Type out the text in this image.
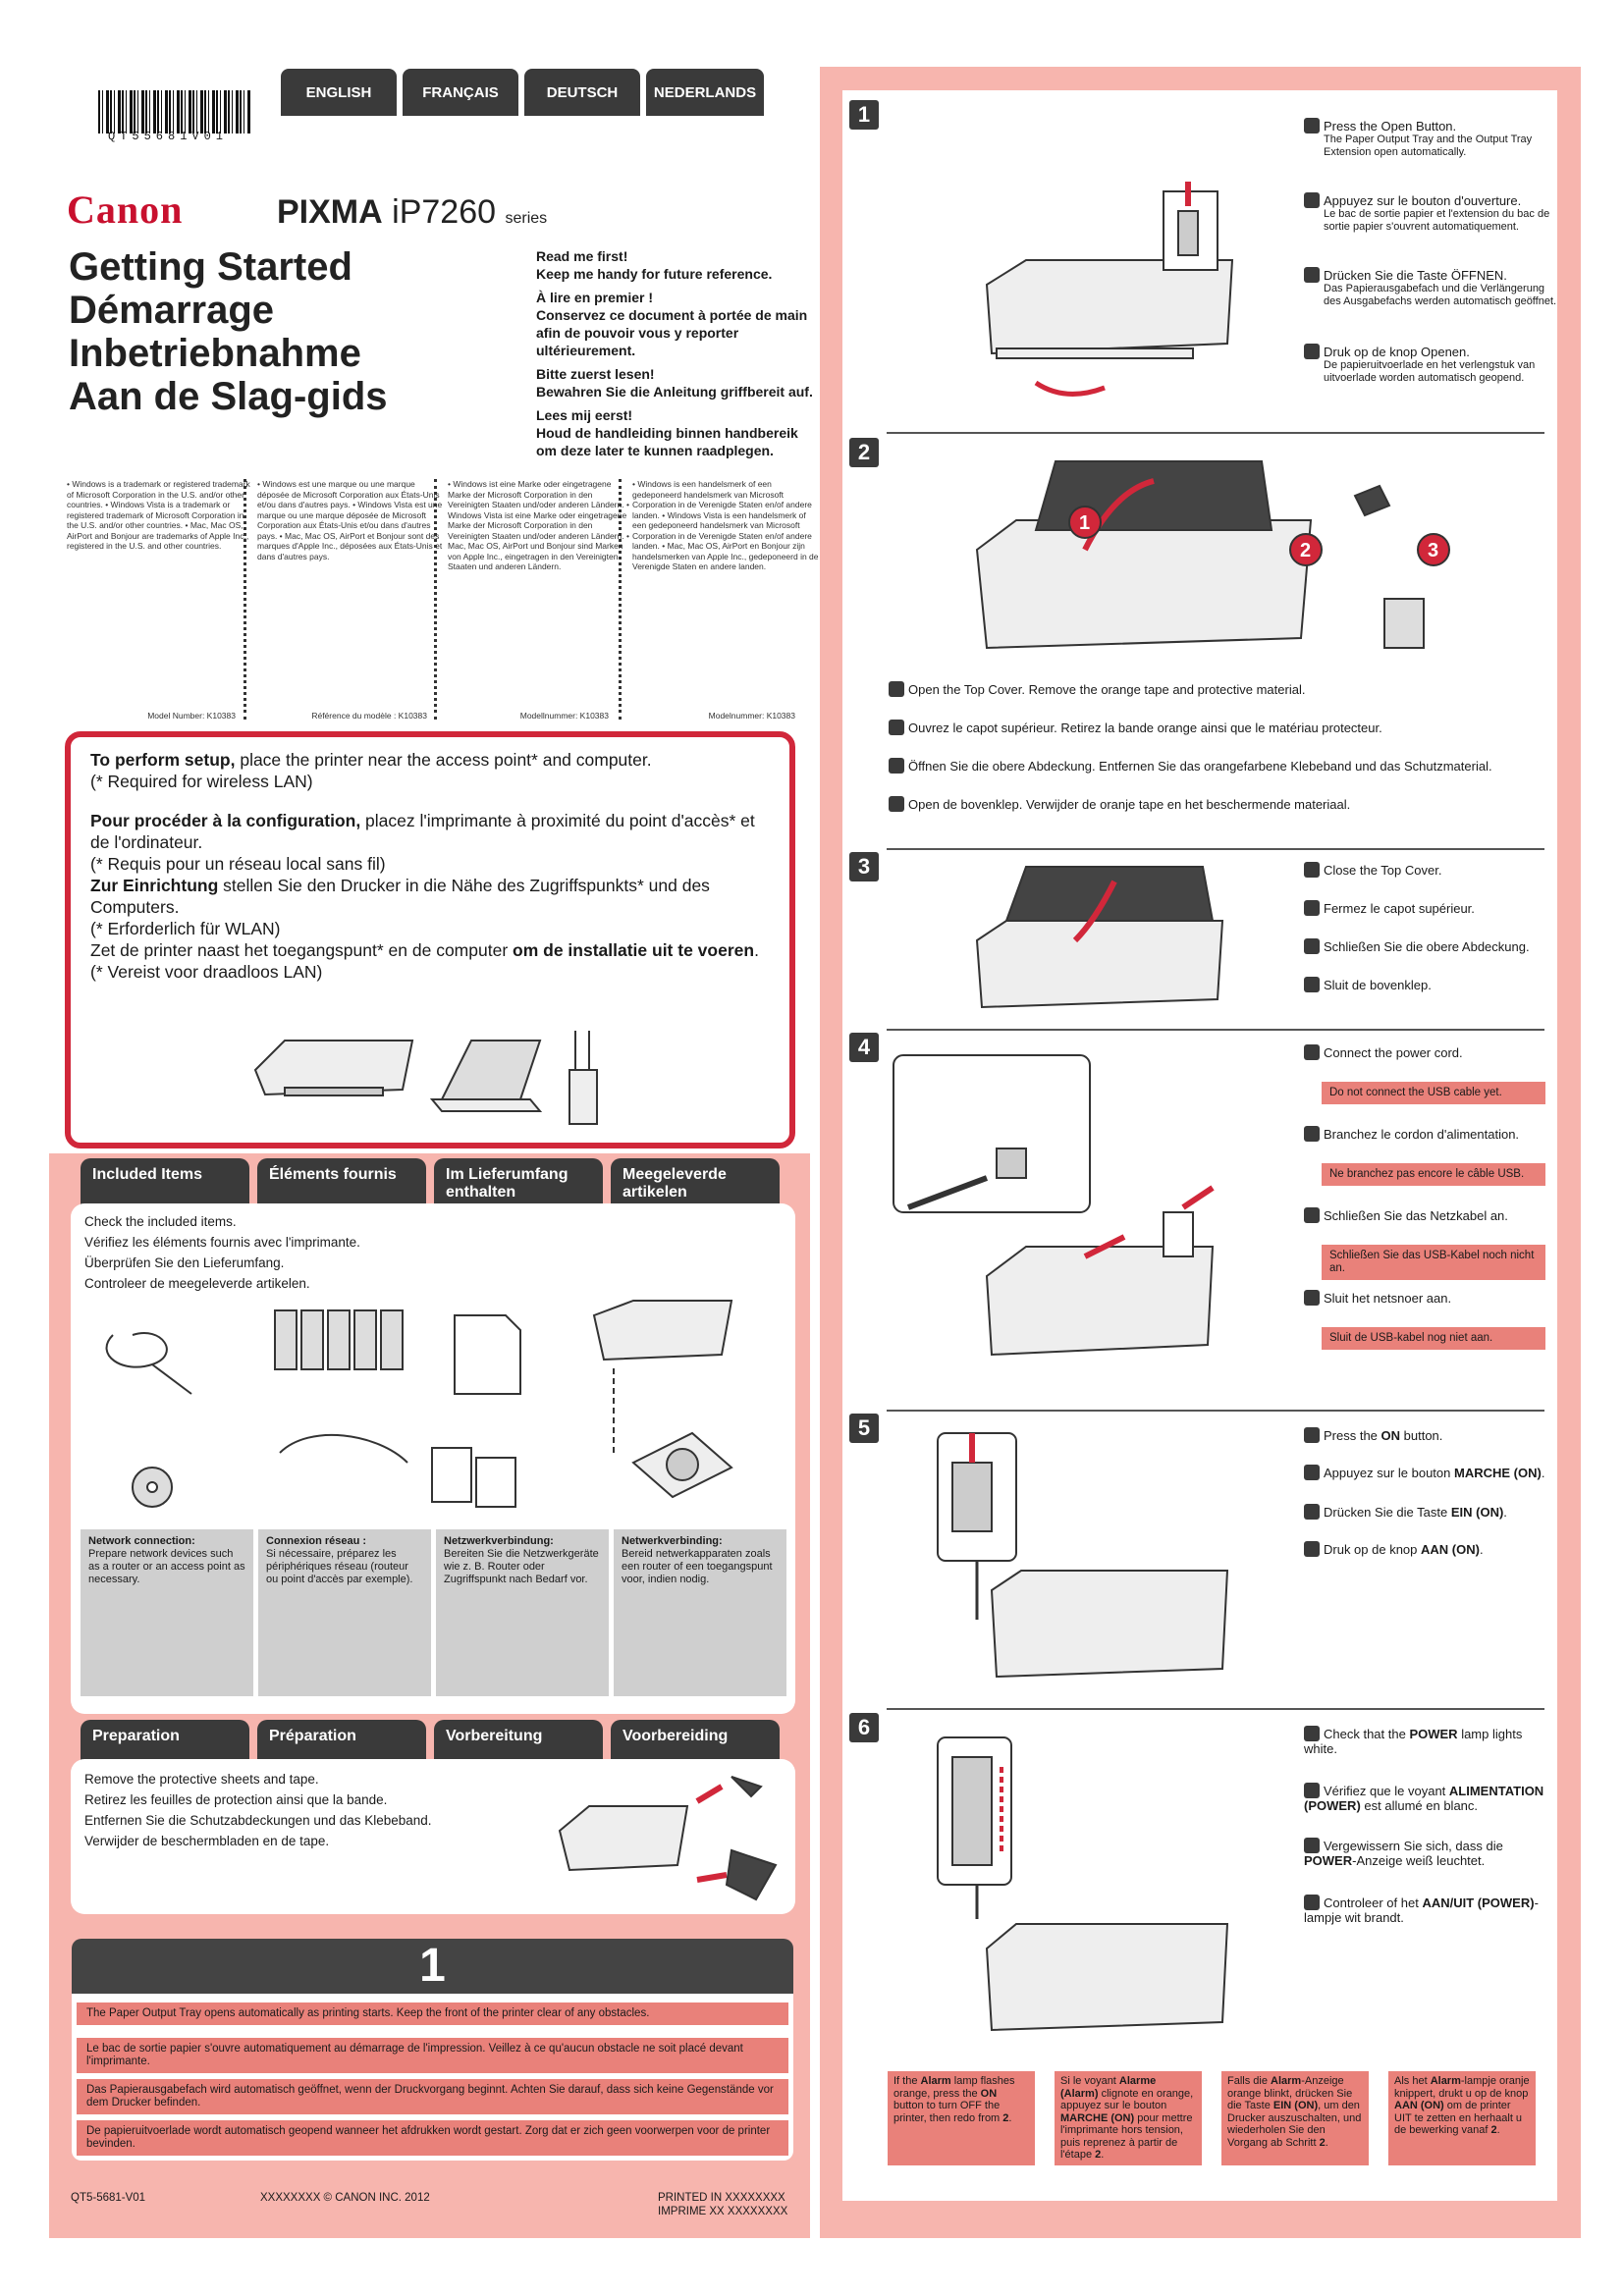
QT55681V01
ENGLISH	FRANÇAIS	DEUTSCH	NEDERLANDS
Canon	PIXMA iP7260 series
Getting Started
Démarrage
Inbetriebnahme
Aan de Slag-gids

Read me first!
Keep me handy for future reference.

À lire en premier !
Conservez ce document à portée de main afin de pouvoir vous y reporter ultérieurement.

Bitte zuerst lesen!
Bewahren Sie die Anleitung griffbereit auf.

Lees mij eerst!
Houd de handleiding binnen handbereik om deze later te kunnen raadplegen.

• Windows is a trademark or registered trademark of Microsoft Corporation in the U.S. and/or other countries. • Windows Vista is a trademark or registered trademark of Microsoft Corporation in the U.S. and/or other countries. • Mac, Mac OS, AirPort and Bonjour are trademarks of Apple Inc., registered in the U.S. and other countries.
• Windows est une marque ou une marque déposée de Microsoft Corporation aux États-Unis et/ou dans d'autres pays. • Windows Vista est une marque ou une marque déposée de Microsoft Corporation aux États-Unis et/ou dans d'autres pays. • Mac, Mac OS, AirPort et Bonjour sont des marques d'Apple Inc., déposées aux États-Unis et dans d'autres pays.
• Windows ist eine Marke oder eingetragene Marke der Microsoft Corporation in den Vereinigten Staaten und/oder anderen Ländern. • Windows Vista ist eine Marke oder eingetragene Marke der Microsoft Corporation in den Vereinigten Staaten und/oder anderen Ländern. • Mac, Mac OS, AirPort und Bonjour sind Marken von Apple Inc., eingetragen in den Vereinigten Staaten und anderen Ländern.
• Windows is een handelsmerk of een gedeponeerd handelsmerk van Microsoft Corporation in de Verenigde Staten en/of andere landen. • Windows Vista is een handelsmerk of een gedeponeerd handelsmerk van Microsoft Corporation in de Verenigde Staten en/of andere landen. • Mac, Mac OS, AirPort en Bonjour zijn handelsmerken van Apple Inc., gedeponeerd in de Verenigde Staten en andere landen.
Model Number: K10383	Référence du modèle : K10383	Modellnummer: K10383	Modelnummer: K10383

To perform setup, place the printer near the access point* and computer.

(* Required for wireless LAN)

Pour procéder à la configuration, placez l'imprimante à proximité du point d'accès* et de l'ordinateur.

(* Requis pour un réseau local sans fil)

Zur Einrichtung stellen Sie den Drucker in die Nähe des Zugriffspunkts* und des Computers.

(* Erforderlich für WLAN)

Zet de printer naast het toegangspunt* en de computer om de installatie uit te voeren.

(* Vereist voor draadloos LAN)

Included Items	Éléments fournis	Im Lieferumfang enthalten
Meegeleverde artikelen
Check the included items.
Vérifiez les éléments fournis avec l'imprimante.
Überprüfen Sie den Lieferumfang.
Controleer de meegeleverde artikelen.
Network connection:
Prepare network devices such as a router or an access point as necessary.
Connexion réseau :
Si nécessaire, préparez les périphériques réseau (routeur ou point d'accès par exemple).
Netzwerkverbindung:
Bereiten Sie die Netzwerkgeräte wie z. B. Router oder Zugriffspunkt nach Bedarf vor.
Netwerkverbinding:
Bereid netwerkapparaten zoals een router of een toegangspunt voor, indien nodig.
Preparation	Préparation	Vorbereitung	Voorbereiding
Remove the protective sheets and tape.
Retirez les feuilles de protection ainsi que la bande.
Entfernen Sie die Schutzabdeckungen und das Klebeband.
Verwijder de beschermbladen en de tape.
1
The Paper Output Tray opens automatically as printing starts. Keep the front of the printer clear of any obstacles.
Le bac de sortie papier s'ouvre automatiquement au démarrage de l'impression. Veillez à ce qu'aucun obstacle ne soit placé devant l'imprimante.
Das Papierausgabefach wird automatisch geöffnet, wenn der Druckvorgang beginnt. Achten Sie darauf, dass sich keine Gegenstände vor dem Drucker befinden.
De papieruitvoerlade wordt automatisch geopend wanneer het afdrukken wordt gestart. Zorg dat er zich geen voorwerpen voor de printer bevinden.
QT5-5681-V01	XXXXXXXX © CANON INC. 2012	PRINTED IN XXXXXXXX
IMPRIME XX XXXXXXXX
1	Press the Open Button.
The Paper Output Tray and the Output Tray Extension open automatically.
Appuyez sur le bouton d'ouverture.
Le bac de sortie papier et l'extension du bac de sortie papier s'ouvrent automatiquement.
Drücken Sie die Taste ÖFFNEN.
Das Papierausgabefach und die Verlängerung des Ausgabefachs werden automatisch geöffnet.
Druk op de knop Openen.
De papieruitvoerlade en het verlengstuk van uitvoerlade worden automatisch geopend.
2
1
2	3
Open the Top Cover. Remove the orange tape and protective material.
Ouvrez le capot supérieur. Retirez la bande orange ainsi que le matériau protecteur.
Öffnen Sie die obere Abdeckung. Entfernen Sie das orangefarbene Klebeband und das Schutzmaterial.
Open de bovenklep. Verwijder de oranje tape en het beschermende materiaal.
3	Close the Top Cover.
Fermez le capot supérieur.
Schließen Sie die obere Abdeckung.
Sluit de bovenklep.
4	Connect the power cord.
Do not connect the USB cable yet.
Branchez le cordon d'alimentation.
Ne branchez pas encore le câble USB.
Schließen Sie das Netzkabel an.
Schließen Sie das USB-Kabel noch nicht an.
Sluit het netsnoer aan.
Sluit de USB-kabel nog niet aan.
5	Press the ON button.
Appuyez sur le bouton MARCHE (ON).
Drücken Sie die Taste EIN (ON).
Druk op de knop AAN (ON).
6	Check that the POWER lamp lights white.
Vérifiez que le voyant ALIMENTATION (POWER) est allumé en blanc.
Vergewissern Sie sich, dass die POWER-Anzeige weiß leuchtet.
Controleer of het AAN/UIT (POWER)-lampje wit brandt.
If the Alarm lamp flashes orange, press the ON button to turn OFF the printer, then redo from 2.
Si le voyant Alarme (Alarm) clignote en orange, appuyez sur le bouton MARCHE (ON) pour mettre l'imprimante hors tension, puis reprenez à partir de l'étape 2.
Falls die Alarm-Anzeige orange blinkt, drücken Sie die Taste EIN (ON), um den Drucker auszuschalten, und wiederholen Sie den Vorgang ab Schritt 2.
Als het Alarm-lampje oranje knippert, drukt u op de knop AAN (ON) om de printer UIT te zetten en herhaalt u de bewerking vanaf 2.
